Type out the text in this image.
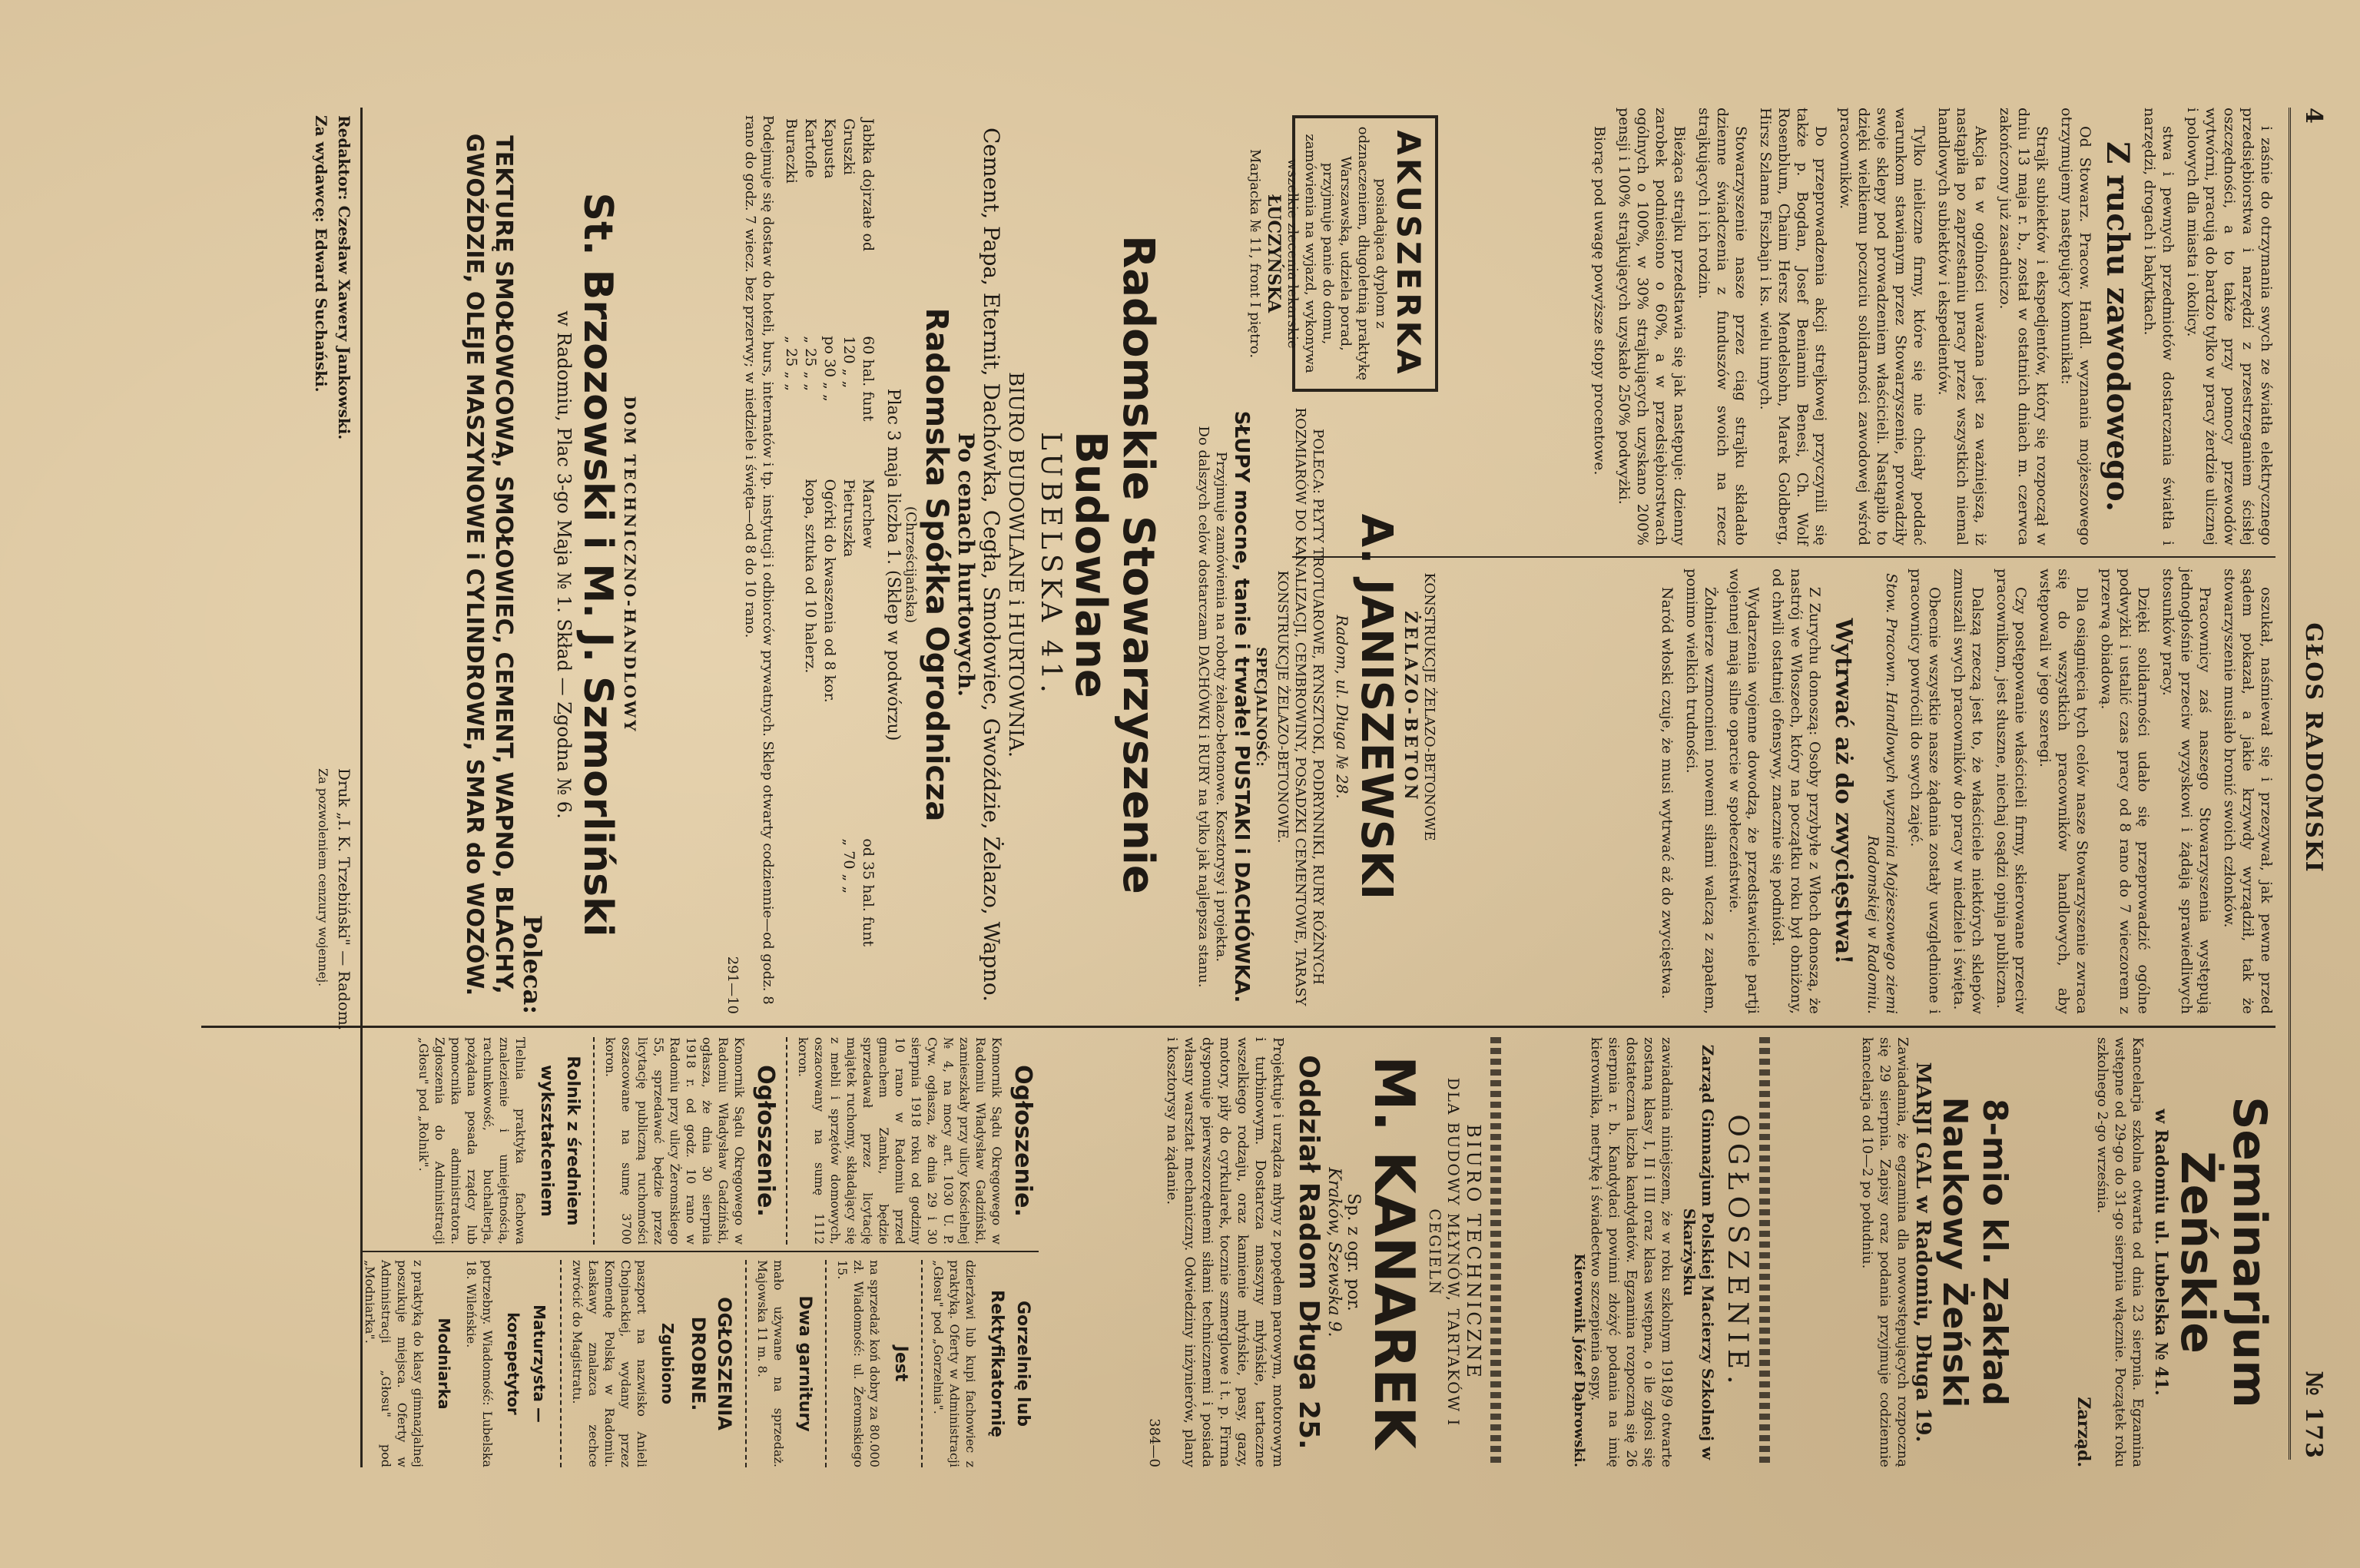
4
GŁOS RADOMSKI
№ 173

i zaśnie do otrzymania swych ze światła elektrycznego przedsiębiorstwa i narzędzi z przestrzeganiem ścisłej oszczędności, a to także przy pomocy przewodów wytwórni, pracują do bardzo tylko w pracy żerdzie ulicznej i polowych dla miasta i okolicy.

stwa i pewnych przedmiotów dostarczania światła i narzędzi, drogach i bakytkach.

Z ruchu zawodowego.

Od Stowarz. Pracow. Handl. wyznania mojżeszowego otrzymujemy następujący komunikat:

Strajk subiektów i ekspedjentów, który się rozpoczął w dniu 13 maja r. b., został w ostatnich dniach m. czerwca zakończony już zasadniczo.

Akcja ta w ogólności uważana jest za ważniejszą, iż nastąpiła po zaprzestaniu pracy przez wszystkich niemal handlowych subiektów i ekspedientów.

Tylko nieliczne firmy, które się nie chciały poddać warunkom stawianym przez Stowarzyszenie, prowadziły swoje sklepy pod prowadzeniem właścicieli. Nastąpiło to dzięki wielkiemu poczuciu solidarności zawodowej wśród pracowników.

Do przeprowadzenia akcji strejkowej przyczynili się także p. Bogdan, Josef Beniamin Benesi, Ch. Wolf Rosenblum, Chaim Hersz Mendelsohn, Marek Goldberg, Hirsz Szlama Fiszbajn i ks. wielu innych.

Stowarzyszenie nasze przez ciąg strajku składało dzienne świadczenia z funduszów swoich na rzecz strajkujących i ich rodzin.

Bieżąca strajku przedstawia się jak następuje: dzienny zarobek podniesiono o 60%, a w przedsiębiorstwach ogólnych o 100%, w 30% strajkujących uzyskano 200% pensji i 100% strajkujących uzyskało 250% podwyżki.

Biorąc pod uwagę powyższe stopy procentowe.

oszukał, naśmiewał się i przezywał, jak pewne przed sądem pokazał, a jakie krzywdy wyrządził, tak że stowarzyszenie musiało bronić swoich członków.

Pracownicy zaś naszego Stowarzyszenia występują jednogłośnie przeciw wyzyskowi i żądają sprawiedliwych stosunków pracy.

Dzięki solidarności udało się przeprowadzić ogólne podwyżki i ustalić czas pracy od 8 rano do 7 wieczorem z przerwą obiadową.

Dla osiągnięcia tych celów nasze Stowarzyszenie zwraca się do wszystkich pracowników handlowych, aby wstępowali w jego szeregi.

Czy postępowanie właścicieli firmy, skierowane przeciw pracownikom, jest słuszne, niechaj osądzi opinja publiczna.

Dalszą rzeczą jest to, że właściciele niektórych sklepów zmuszali swych pracowników do pracy w niedziele i święta.

Obecnie wszystkie nasze żądania zostały uwzględnione i pracownicy powrócili do swych zajęć.

Stow. Pracown. Handlowych wyznania Mojżeszowego ziemi Radomskiej w Radomiu.
Wytrwać aż do zwycięstwa!

Z Zurychu donoszą: Osoby przybyłe z Włoch donoszą, że nastrój we Włoszech, który na początku roku był obniżony, od chwili ostatniej ofensywy, znacznie się podniósł.

Wydarzenia wojenne dowodzą, że przedstawiciele partji wojennej mają silne oparcie w społeczeństwie.

Żołnierze wzmocnieni nowemi siłami walczą z zapałem, pomimo wielkich trudności.

Naród włoski czuje, że musi wytrwać aż do zwycięstwa.

AKUSZERKA
posiadająca dyplom z odznaczeniem, długoletnią praktykę Warszawską, udziela porad, przyjmuje panie do domu, zamówienia na wyjazd, wykonywa wszelkie zlecenia lekarskie
ŁUCZYŃSKA
Marjacka № 11, front I piętro.
KONSTRUKCJE ŻELAZO-BETONOWE
ŻELAZO-BETON
A. JANISZEWSKI
Radom, ul. Długa № 28.
POLECA: PŁYTY TROTUAROWE, RYNSZTOKI, PODRYNNIKI, RURY RÓŻNYCH ROZMIARÓW DO KANALIZACJI, CEMBROWINY, POSADZKI CEMENTOWE, TARASY KONSTRUKCJE ŻELAZO-BETONOWE.
SPECJALNOŚĆ:
SŁUPY mocne, tanie i trwałe! PUSTAKI i DACHÓWKA.
Przyjmuje zamówienia na roboty żelazo-betonowe. Kosztorysy i projekta.
Do dalszych celów dostarczam DACHÓWKI i RURY na tylko jak najlepsza stanu.
Radomskie Stowarzyszenie Budowlane
LUBELSKA 41.
BIURO BUDOWLANE i HURTOWNIA.
Cement, Papa, Eternit, Dachówka, Cegła, Smołowiec, Gwoździe, Żelazo, Wapno.
Po cenach hurtowych.
Radomska Spółka Ogrodnicza
(Chrześcijańska)
Plac 3 maja liczba 1. (Sklep w podwórzu)
Jabłka dojrzałe od	60 hal. funt	Marchew	od 35 hal. funt
Gruszki	120 „ „	Pietruszka	„ 70 „ „
Kapusta	po 30 „ „	Ogórki do kwaszenia od 8 kor.	
Kartofle	„ 25 „ „	kopa, sztuka od 10 halerz.	
Buraczki	„ 25 „ „		
Podejmuje się dostaw do hoteli, burs, internatów i tp. instytucji i odbiorców prywatnych. Sklep otwarty codziennie—od godz. 8 rano do godz. 7 wiecz. bez przerwy; w niedziele i święta—od 8 do 10 rano.
291—10
DOM TECHNICZNO-HANDLOWY
St. Brzozowski i M. J. Szmorliński
w Radomiu, Plac 3-go Maja № 1. Skład — Zgodna № 6.
Poleca:
TEKTURĘ SMOŁOWCOWĄ, SMOŁOWIEC, CEMENT, WAPNO, BLACHY, GWOŹDZIE, OLEJE MASZYNOWE i CYLINDROWE, SMAR do WOZÓW.
Seminarjum Żeńskie
w Radomiu ul. Lubelska № 41.
Kancelarja szkolna otwarta od dnia 23 sierpnia. Egzamina wstępne od 29-go do 31-go sierpnia włącznie. Początek roku szkolnego 2-go września.
Zarząd.
8-mio kl. Zakład Naukowy Żeński
MARJI GAL w Radomiu, Długa 19.
Zawiadamia, że egzamina dla nowowstępujących rozpoczną się 29 sierpnia. Zapisy oraz podania przyjmuje codziennie kancelarja od 10—2 po południu.
OGŁOSZENIE.
Zarząd Gimnazjum Polskiej Macierzy Szkolnej w Skarżysku
zawiadamia niniejszem, że w roku szkolnym 1918/9 otwarte zostaną klasy I, II i III oraz klasa wstępna, o ile zgłosi się dostateczna liczba kandydatów. Egzamina rozpoczną się 26 sierpnia r. b. Kandydaci powinni złożyć podania na imię kierownika, metrykę i świadectwo szczepienia ospy.
Kierownik Józef Dąbrowski.
BIURO TECHNICZNE
DLA BUDOWY MŁYNÓW, TARTAKÓW I CEGIELŃ
M. KANAREK
Sp. z ogr. por.
Kraków, Szewska 9.
Oddział Radom Długa 25.
Projektuje i urządza młyny z popędem parowym, motorowym i turbinowym. Dostarcza maszyny młyńskie, tartaczne wszelkiego rodzaju, oraz kamienie młyńskie, pasy, gazy, motory, piły do cyrkularek, tocznie szmerglowe i t. p. Firma dysponuje pierwszorzędnemi siłami technicznemi i posiada własny warsztat mechaniczny. Odwiedziny inżynierów, plany i kosztorysy na żądanie.
384—0
Ogłoszenie.

Komornik Sądu Okręgowego w Radomiu Władysław Gadziński, zamieszkały przy ulicy Kościelnej № 4, na mocy art. 1030 U. P. Cyw. ogłasza, że dnia 29 i 30 sierpnia 1918 roku od godziny 10 rano w Radomiu przed gmachem Zamku, będzie sprzedawał przez licytację majątek ruchomy, składający się z mebli i sprzętów domowych, oszacowany na sumę 1112 koron.

Ogłoszenie.

Komornik Sądu Okręgowego w Radomiu Władysław Gadziński, ogłasza, że dnia 30 sierpnia 1918 r. od godz. 10 rano w Radomiu przy ulicy Żeromskiego 55, sprzedawać będzie przez licytację publiczną ruchomości oszacowane na sumę 3700 koron.

Rolnik z średniem wykształceniem

Tlelnia praktyka fachowa znalezienie i umiejętnością, rachunkowość, buchalterja, pożądana posada rządcy lub pomocnika administratora. Zgłoszenia do Administracji „Głosu" pod „Rolnik".

Gorzelnię lub Rektyfikatornię

dzierżawi lub kupi fachowiec z praktyką. Oferty w Administracji „Głosu" pod „Gorzelnia".

Jest

na sprzedaż koń dobry za 80.000 zł. Wiadomość: ul. Żeromskiego 15.

Dwa garnitury

mało używane na sprzedaż. Majowska 11 m. 8.

OGŁOSZENIA DROBNE.
Zgubiono

paszport na nazwisko Anieli Chojnackiej, wydany przez Komendę Polską w Radomiu. Łaskawy znalazca zechce zwrócić do Magistratu.

Maturzysta — korepetytor

potrzebny. Wiadomość: Lubelska 18. Wileńskie.

Modniarka

z praktyką do klasy gimnazjalnej poszukuje miejsca. Oferty w Administracji „Głosu" pod „Modniarka".

Redaktor: Czesław Xawery Jankowski.
Za wydawcę: Edward Suchański.
Druk „I. K. Trzebiński" — Radom.
Za pozwoleniem cenzury wojennej.
